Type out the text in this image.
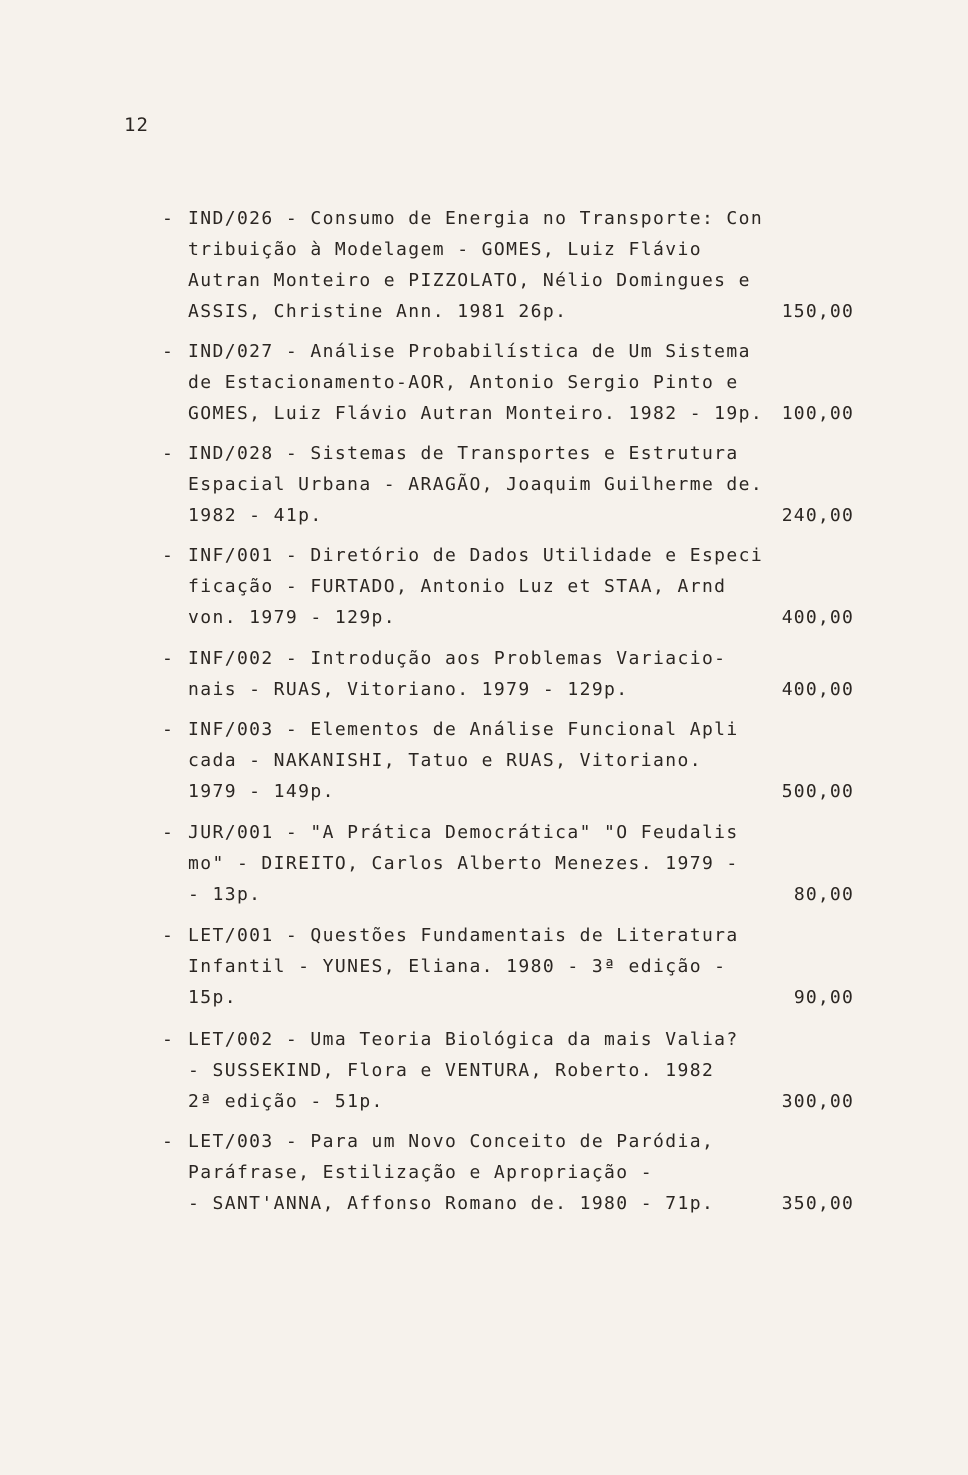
12
- IND/026 - Consumo de Energia no Transporte: Con
tribuição à Modelagem - GOMES, Luiz Flávio
Autran Monteiro e PIZZOLATO, Nélio Domingues e
ASSIS, Christine Ann. 1981 26p.	150,00
- IND/027 - Análise Probabilística de Um Sistema
de Estacionamento-AOR, Antonio Sergio Pinto e
GOMES, Luiz Flávio Autran Monteiro. 1982 - 19p. 100,00
- IND/028 - Sistemas de Transportes e Estrutura
Espacial Urbana - ARAGÃO, Joaquim Guilherme de.
1982 - 41p.	240,00
- INF/001 - Diretório de Dados Utilidade e Especi
ficação - FURTADO, Antonio Luz et STAA, Arnd
von. 1979 - 129p.	400,00
- INF/002 - Introdução aos Problemas Variacio-
nais - RUAS, Vitoriano. 1979 - 129p.	400,00
- INF/003 - Elementos de Análise Funcional Apli
cada - NAKANISHI, Tatuo e RUAS, Vitoriano.
1979 - 149p.	500,00
- JUR/001 - "A Prática Democrática" "O Feudalis
mo" - DIREITO, Carlos Alberto Menezes. 1979 -
- 13p.	80,00
- LET/001 - Questões Fundamentais de Literatura
Infantil - YUNES, Eliana. 1980 - 3ª edição -
15p.	90,00
- LET/002 - Uma Teoria Biológica da mais Valia?
- SUSSEKIND, Flora e VENTURA, Roberto. 1982
2ª edição - 51p.	300,00
- LET/003 - Para um Novo Conceito de Paródia,
Paráfrase, Estilização e Apropriação -
- SANT'ANNA, Affonso Romano de. 1980 - 71p.	350,00
